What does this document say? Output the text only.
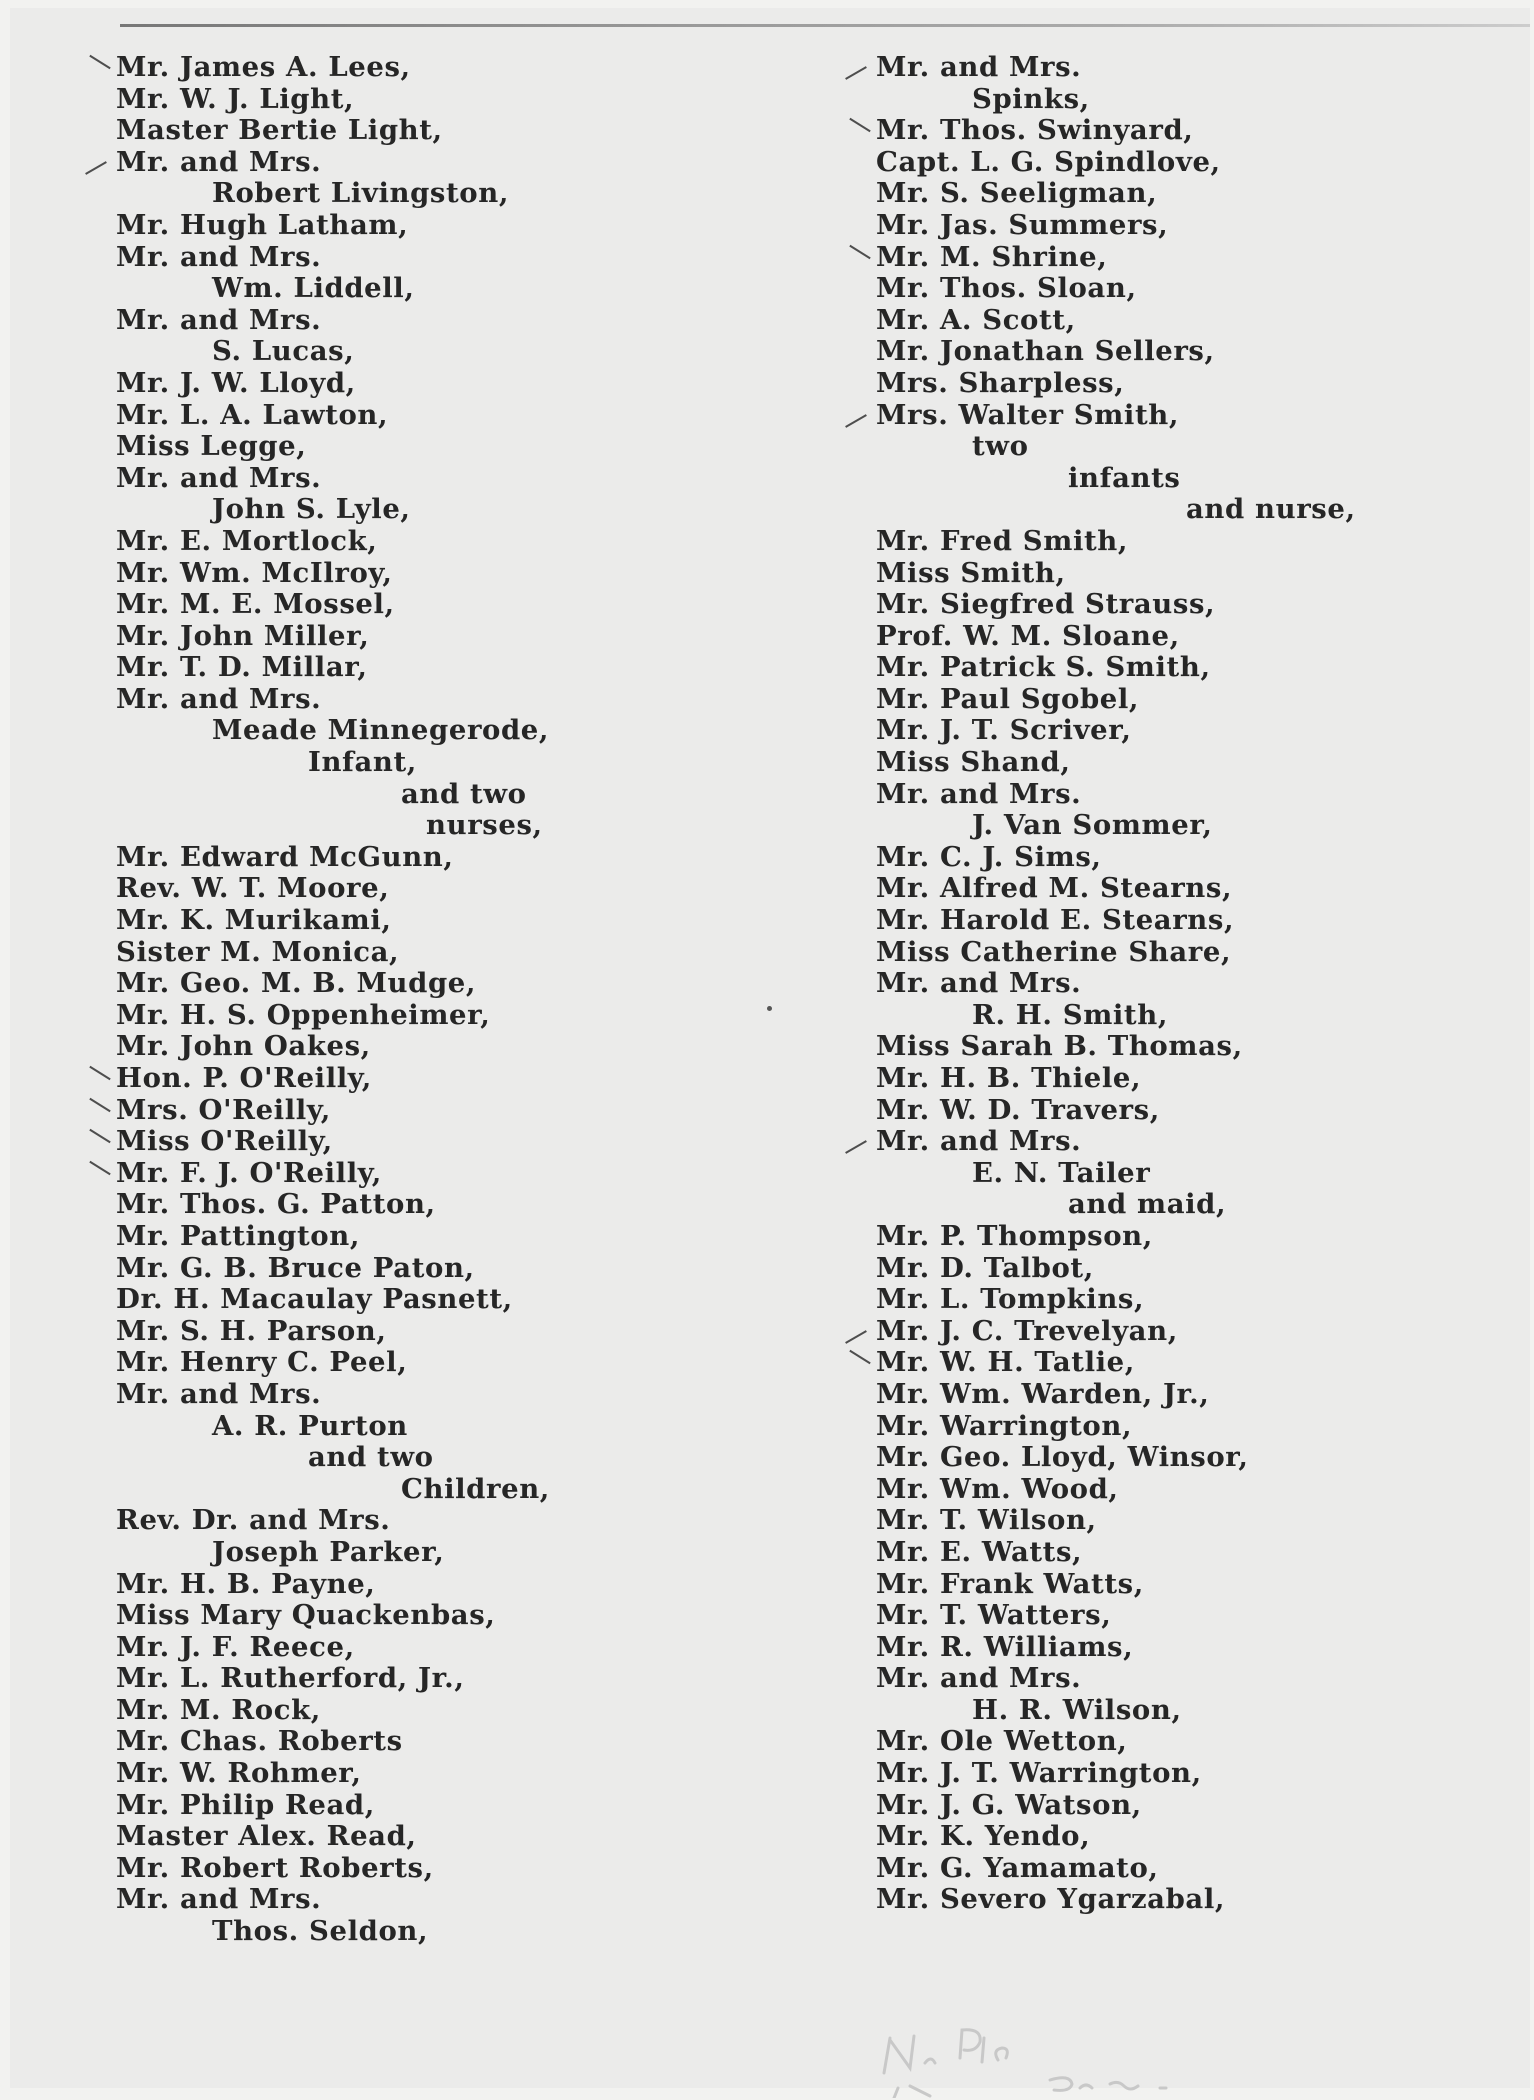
Mr. James A. Lees,
Mr. W. J. Light,
Master Bertie Light,
Mr. and Mrs.
Robert Livingston,
Mr. Hugh Latham,
Mr. and Mrs.
Wm. Liddell,
Mr. and Mrs.
S. Lucas,
Mr. J. W. Lloyd,
Mr. L. A. Lawton,
Miss Legge,
Mr. and Mrs.
John S. Lyle,
Mr. E. Mortlock,
Mr. Wm. McIlroy,
Mr. M. E. Mossel,
Mr. John Miller,
Mr. T. D. Millar,
Mr. and Mrs.
Meade Minnegerode,
Infant,
and two
nurses,
Mr. Edward McGunn,
Rev. W. T. Moore,
Mr. K. Murikami,
Sister M. Monica,
Mr. Geo. M. B. Mudge,
Mr. H. S. Oppenheimer,
Mr. John Oakes,
Hon. P. O'Reilly,
Mrs. O'Reilly,
Miss O'Reilly,
Mr. F. J. O'Reilly,
Mr. Thos. G. Patton,
Mr. Pattington,
Mr. G. B. Bruce Paton,
Dr. H. Macaulay Pasnett,
Mr. S. H. Parson,
Mr. Henry C. Peel,
Mr. and Mrs.
A. R. Purton
and two
Children,
Rev. Dr. and Mrs.
Joseph Parker,
Mr. H. B. Payne,
Miss Mary Quackenbas,
Mr. J. F. Reece,
Mr. L. Rutherford, Jr.,
Mr. M. Rock,
Mr. Chas. Roberts
Mr. W. Rohmer,
Mr. Philip Read,
Master Alex. Read,
Mr. Robert Roberts,
Mr. and Mrs.
Thos. Seldon,
Mr. and Mrs.
Spinks,
Mr. Thos. Swinyard,
Capt. L. G. Spindlove,
Mr. S. Seeligman,
Mr. Jas. Summers,
Mr. M. Shrine,
Mr. Thos. Sloan,
Mr. A. Scott,
Mr. Jonathan Sellers,
Mrs. Sharpless,
Mrs. Walter Smith,
two
infants
and nurse,
Mr. Fred Smith,
Miss Smith,
Mr. Siegfred Strauss,
Prof. W. M. Sloane,
Mr. Patrick S. Smith,
Mr. Paul Sgobel,
Mr. J. T. Scriver,
Miss Shand,
Mr. and Mrs.
J. Van Sommer,
Mr. C. J. Sims,
Mr. Alfred M. Stearns,
Mr. Harold E. Stearns,
Miss Catherine Share,
Mr. and Mrs.
R. H. Smith,
Miss Sarah B. Thomas,
Mr. H. B. Thiele,
Mr. W. D. Travers,
Mr. and Mrs.
E. N. Tailer
and maid,
Mr. P. Thompson,
Mr. D. Talbot,
Mr. L. Tompkins,
Mr. J. C. Trevelyan,
Mr. W. H. Tatlie,
Mr. Wm. Warden, Jr.,
Mr. Warrington,
Mr. Geo. Lloyd, Winsor,
Mr. Wm. Wood,
Mr. T. Wilson,
Mr. E. Watts,
Mr. Frank Watts,
Mr. T. Watters,
Mr. R. Williams,
Mr. and Mrs.
H. R. Wilson,
Mr. Ole Wetton,
Mr. J. T. Warrington,
Mr. J. G. Watson,
Mr. K. Yendo,
Mr. G. Yamamato,
Mr. Severo Ygarzabal,
